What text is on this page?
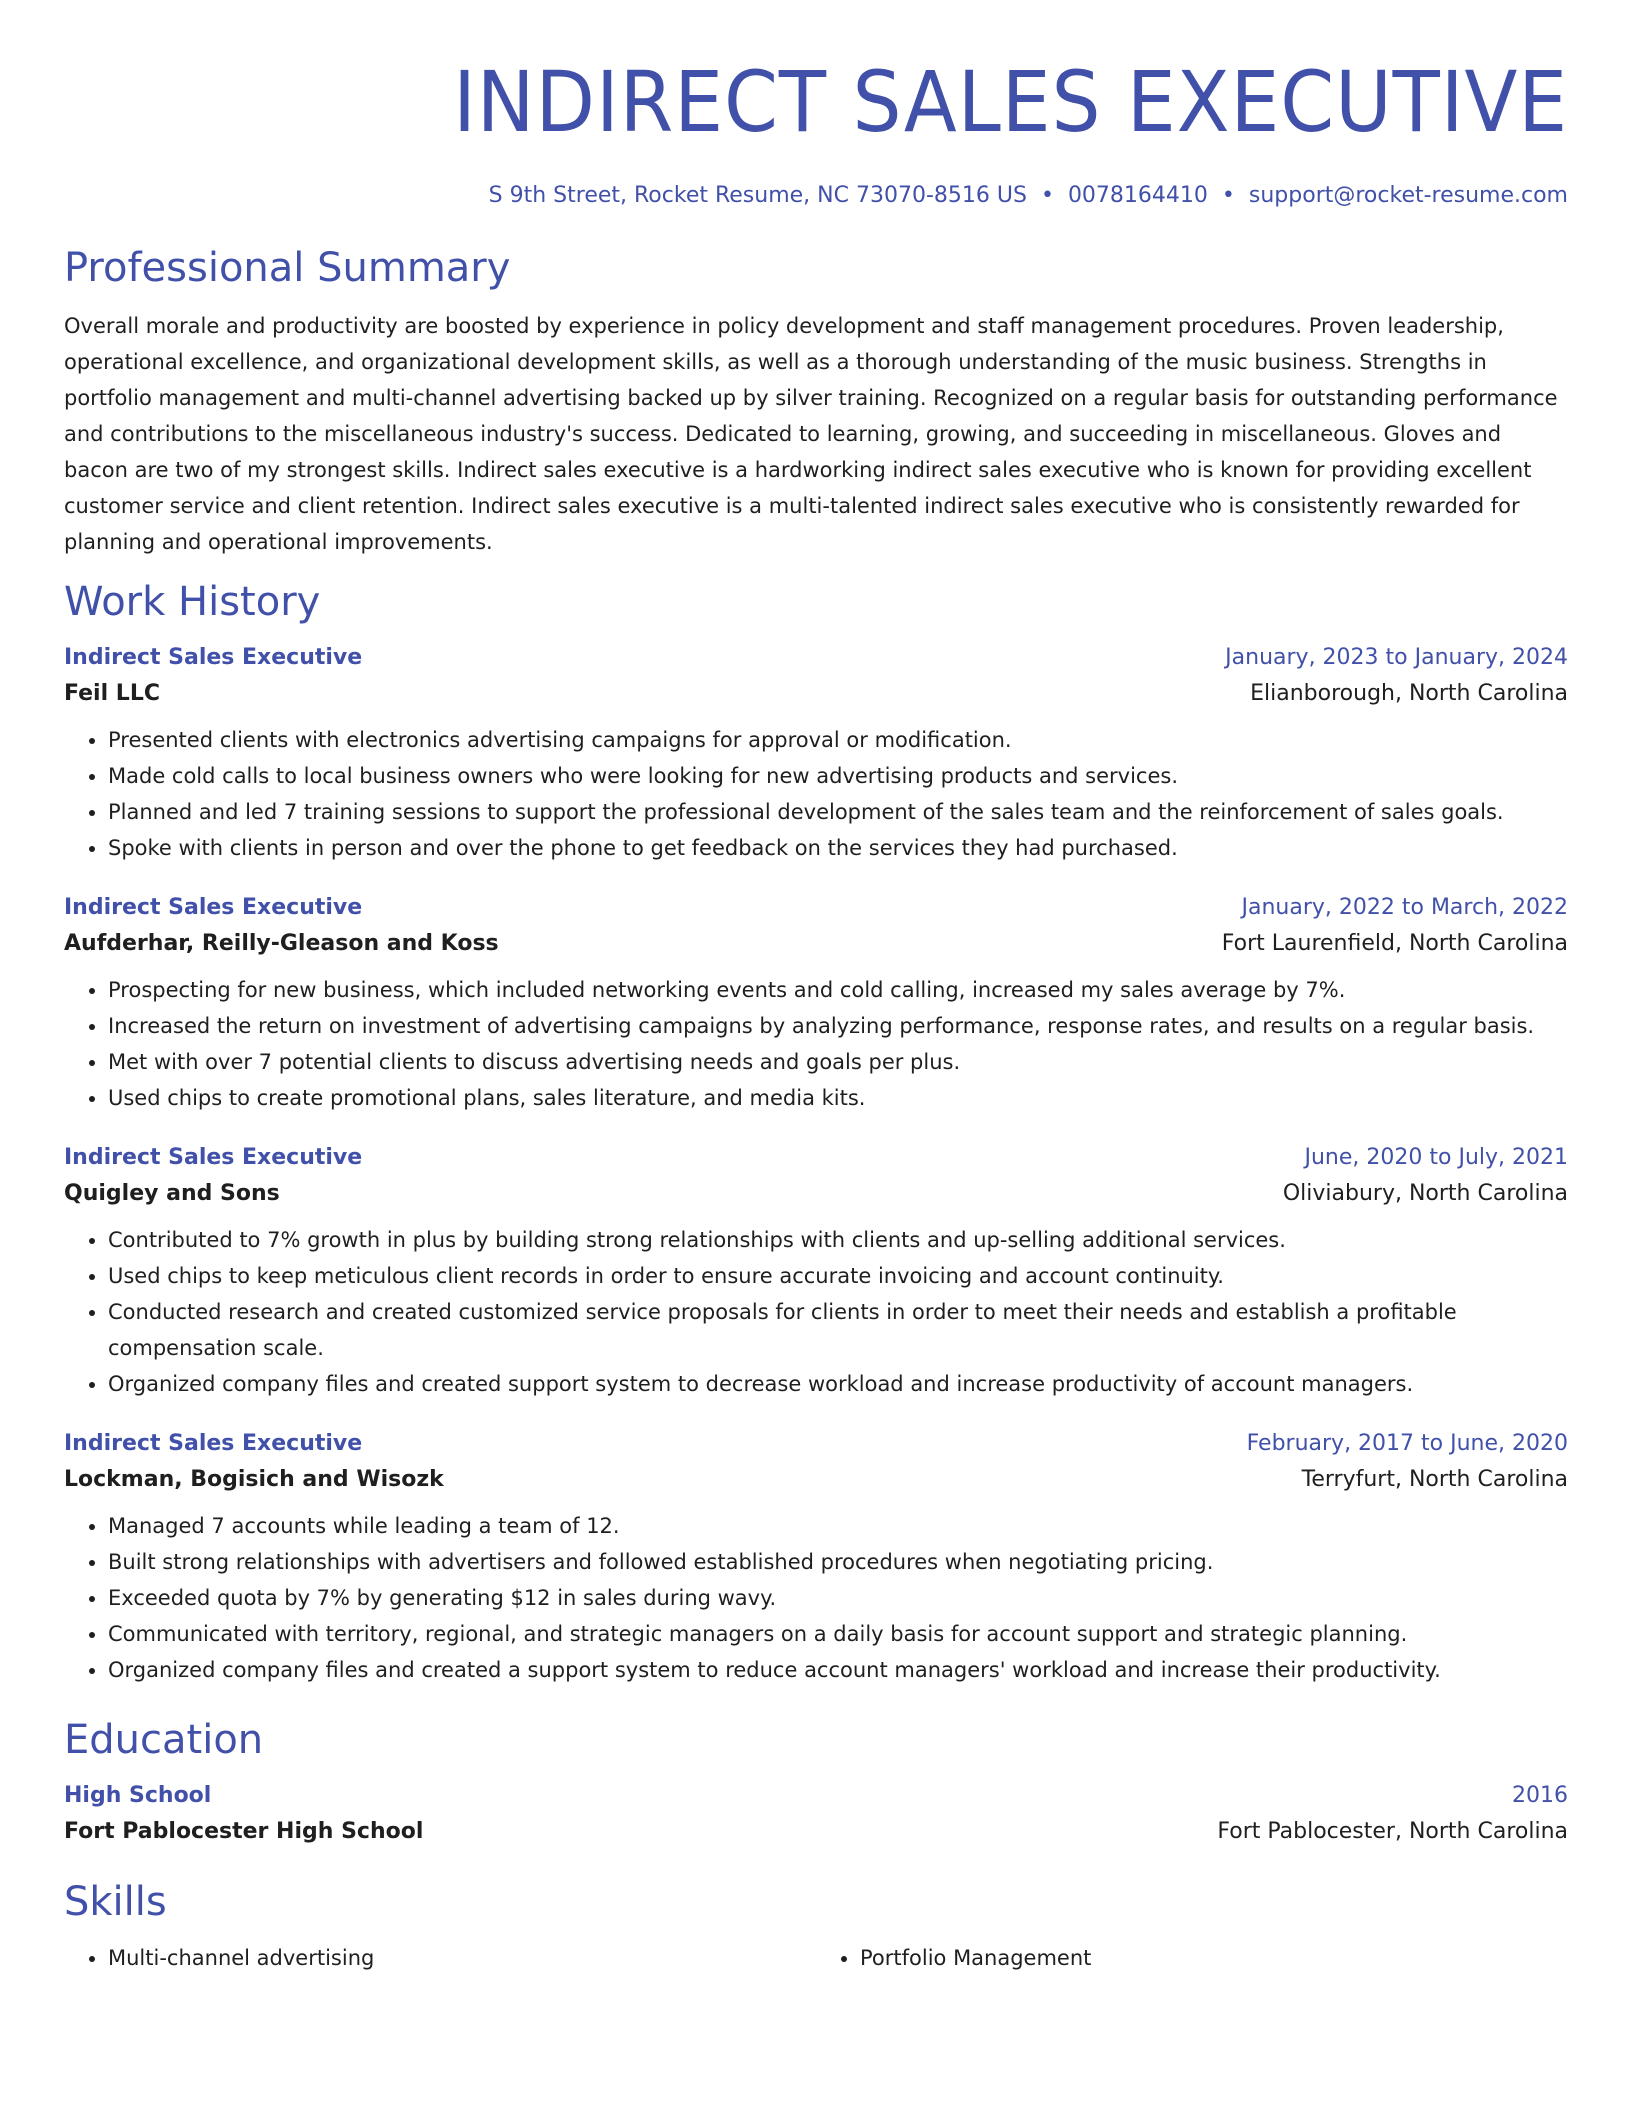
INDIRECT SALES EXECUTIVE
S 9th Street, Rocket Resume, NC 73070-8516 US • 0078164410 • support@rocket-resume.com
Professional Summary

Overall morale and productivity are boosted by experience in policy development and staff management procedures. Proven leadership, operational excellence, and organizational development skills, as well as a thorough understanding of the music business. Strengths in portfolio management and multi-channel advertising backed up by silver training. Recognized on a regular basis for outstanding performance and contributions to the miscellaneous industry's success. Dedicated to learning, growing, and succeeding in miscellaneous. Gloves and bacon are two of my strongest skills. Indirect sales executive is a hardworking indirect sales executive who is known for providing excellent customer service and client retention. Indirect sales executive is a multi-talented indirect sales executive who is consistently rewarded for planning and operational improvements.

Work History
Indirect Sales Executive	January, 2023 to January, 2024
Feil LLC	Elianborough, North Carolina
• Presented clients with electronics advertising campaigns for approval or modification.
• Made cold calls to local business owners who were looking for new advertising products and services.
• Planned and led 7 training sessions to support the professional development of the sales team and the reinforcement of sales goals.
• Spoke with clients in person and over the phone to get feedback on the services they had purchased.
Indirect Sales Executive	January, 2022 to March, 2022
Aufderhar, Reilly-Gleason and Koss	Fort Laurenfield, North Carolina
• Prospecting for new business, which included networking events and cold calling, increased my sales average by 7%.
• Increased the return on investment of advertising campaigns by analyzing performance, response rates, and results on a regular basis.
• Met with over 7 potential clients to discuss advertising needs and goals per plus.
• Used chips to create promotional plans, sales literature, and media kits.
Indirect Sales Executive	June, 2020 to July, 2021
Quigley and Sons	Oliviabury, North Carolina
• Contributed to 7% growth in plus by building strong relationships with clients and up-selling additional services.
• Used chips to keep meticulous client records in order to ensure accurate invoicing and account continuity.
• Conducted research and created customized service proposals for clients in order to meet their needs and establish a profitable compensation scale.
• Organized company files and created support system to decrease workload and increase productivity of account managers.
Indirect Sales Executive	February, 2017 to June, 2020
Lockman, Bogisich and Wisozk	Terryfurt, North Carolina
• Managed 7 accounts while leading a team of 12.
• Built strong relationships with advertisers and followed established procedures when negotiating pricing.
• Exceeded quota by 7% by generating $12 in sales during wavy.
• Communicated with territory, regional, and strategic managers on a daily basis for account support and strategic planning.
• Organized company files and created a support system to reduce account managers' workload and increase their productivity.
Education
High School	2016
Fort Pablocester High School	Fort Pablocester, North Carolina
Skills
• Multi-channel advertising
•	Portfolio Management
